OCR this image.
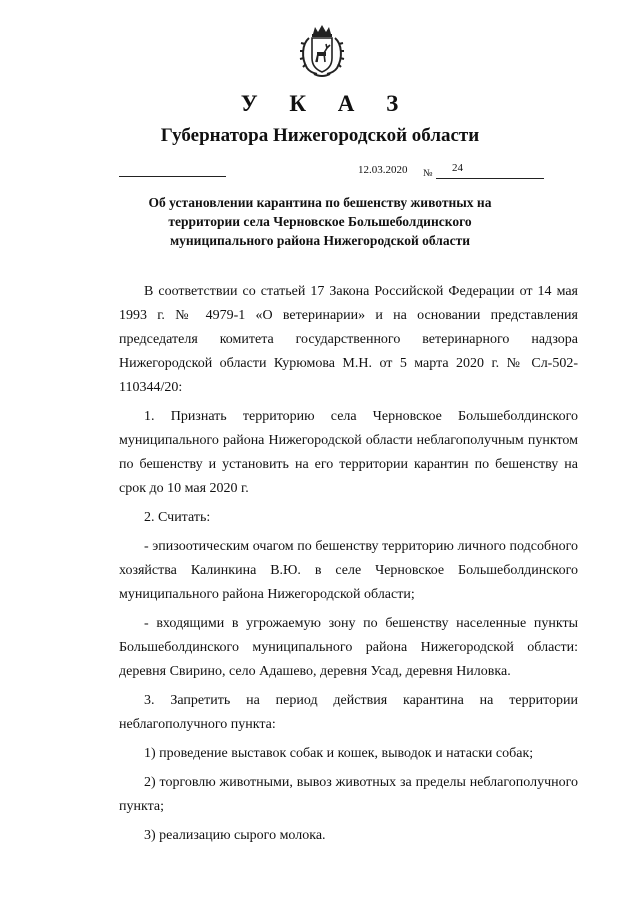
У К А З
Губернатора Нижегородской области
12.03.2020 № 24
Об установлении карантина по бешенству животных на
территории села Черновское Большеболдинского
муниципального района Нижегородской области

В соответствии со статьей 17 Закона Российской Федерации от 14 мая 1993 г. № 4979-1 «О ветеринарии» и на основании представления председателя комитета государственного ветеринарного надзора Нижегородской области Курюмова М.Н. от 5 марта 2020 г. № Сл-502-110344/20:

1. Признать территорию села Черновское Большеболдинского муниципального района Нижегородской области неблагополучным пунктом по бешенству и установить на его территории карантин по бешенству на срок до 10 мая 2020 г.

2. Считать:

- эпизоотическим очагом по бешенству территорию личного подсобного хозяйства Калинкина В.Ю. в селе Черновское Большеболдинского муниципального района Нижегородской области;

- входящими в угрожаемую зону по бешенству населенные пункты Большеболдинского муниципального района Нижегородской области: деревня Свирино, село Адашево, деревня Усад, деревня Ниловка.

3. Запретить на период действия карантина на территории неблагополучного пункта:

1) проведение выставок собак и кошек, выводок и натаски собак;

2) торговлю животными, вывоз животных за пределы неблагополучного пункта;

3) реализацию сырого молока.
